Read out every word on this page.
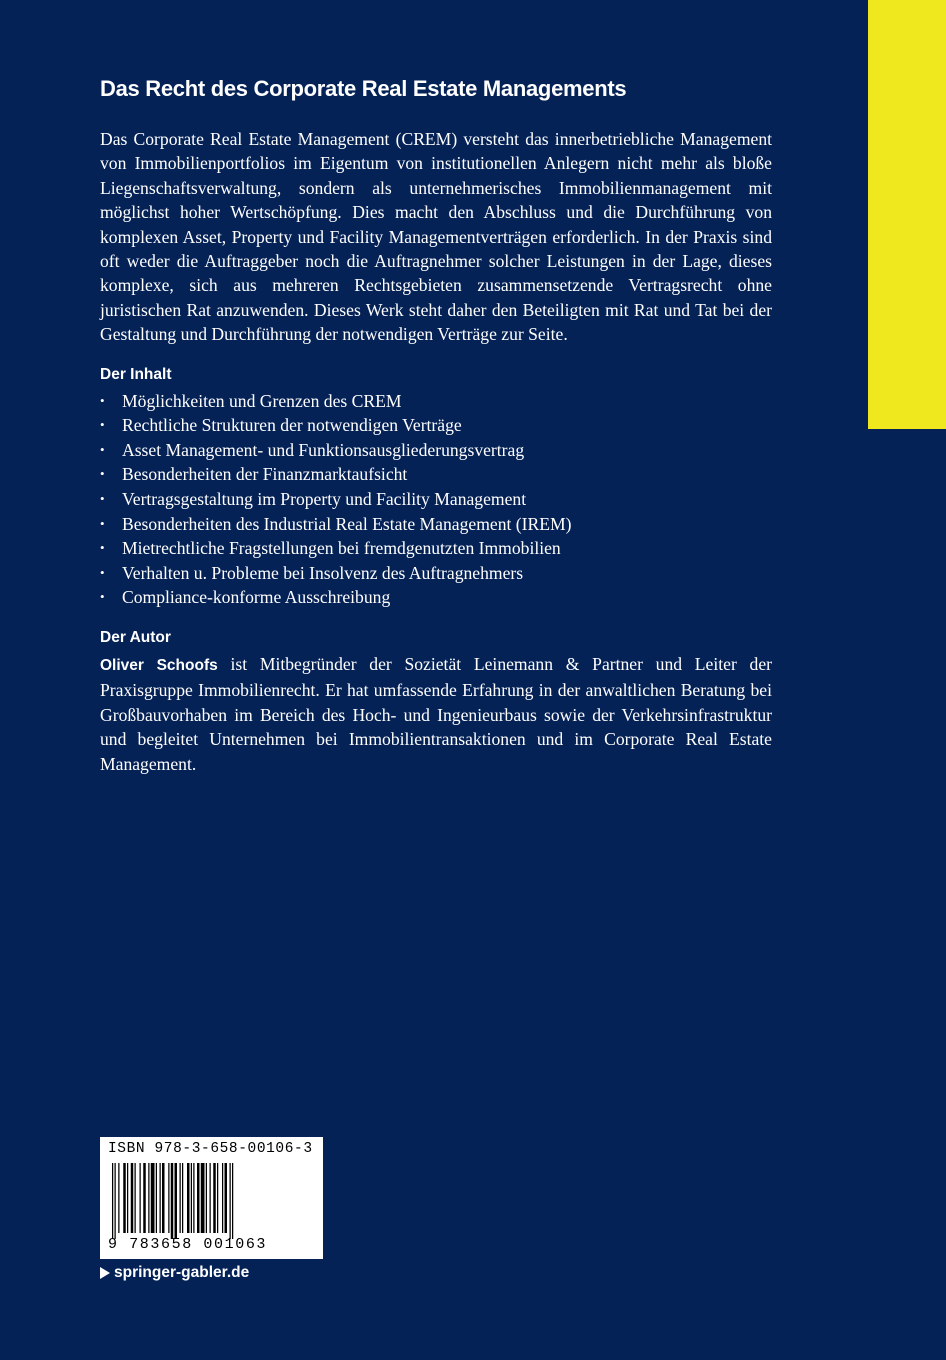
Das Recht des Corporate Real Estate Managements

Das Corporate Real Estate Management (CREM) versteht das innerbetriebliche Management von Immobilienportfolios im Eigentum von institutionellen Anlegern nicht mehr als bloße Liegenschaftsverwaltung, sondern als unternehmerisches Immobilienmanagement mit möglichst hoher Wertschöpfung. Dies macht den Abschluss und die Durchführung von komplexen Asset, Property und Facility Managementverträgen erforderlich. In der Praxis sind oft weder die Auftraggeber noch die Auftragnehmer solcher Leistungen in der Lage, dieses komplexe, sich aus mehreren Rechtsgebieten zusammensetzende Vertragsrecht ohne juristischen Rat anzuwenden. Dieses Werk steht daher den Beteiligten mit Rat und Tat bei der Gestaltung und Durchführung der notwendigen Verträge zur Seite.

Der Inhalt
• Möglichkeiten und Grenzen des CREM
• Rechtliche Strukturen der notwendigen Verträge
• Asset Management- und Funktionsausgliederungsvertrag
• Besonderheiten der Finanzmarktaufsicht
• Vertragsgestaltung im Property und Facility Management
• Besonderheiten des Industrial Real Estate Management (IREM)
• Mietrechtliche Fragstellungen bei fremdgenutzten Immobilien
• Verhalten u. Probleme bei Insolvenz des Auftragnehmers
• Compliance-konforme Ausschreibung
Der Autor

Oliver Schoofs ist Mitbegründer der Sozietät Leinemann & Partner und Leiter der Praxisgruppe Immobilienrecht. Er hat umfassende Erfahrung in der anwaltlichen Beratung bei Großbauvorhaben im Bereich des Hoch- und Ingenieurbaus sowie der Verkehrsinfrastruktur und begleitet Unternehmen bei Immobilientransaktionen und im Corporate Real Estate Management.

ISBN 978-3-658-00106-3
9 783658 001063
springer-gabler.de
